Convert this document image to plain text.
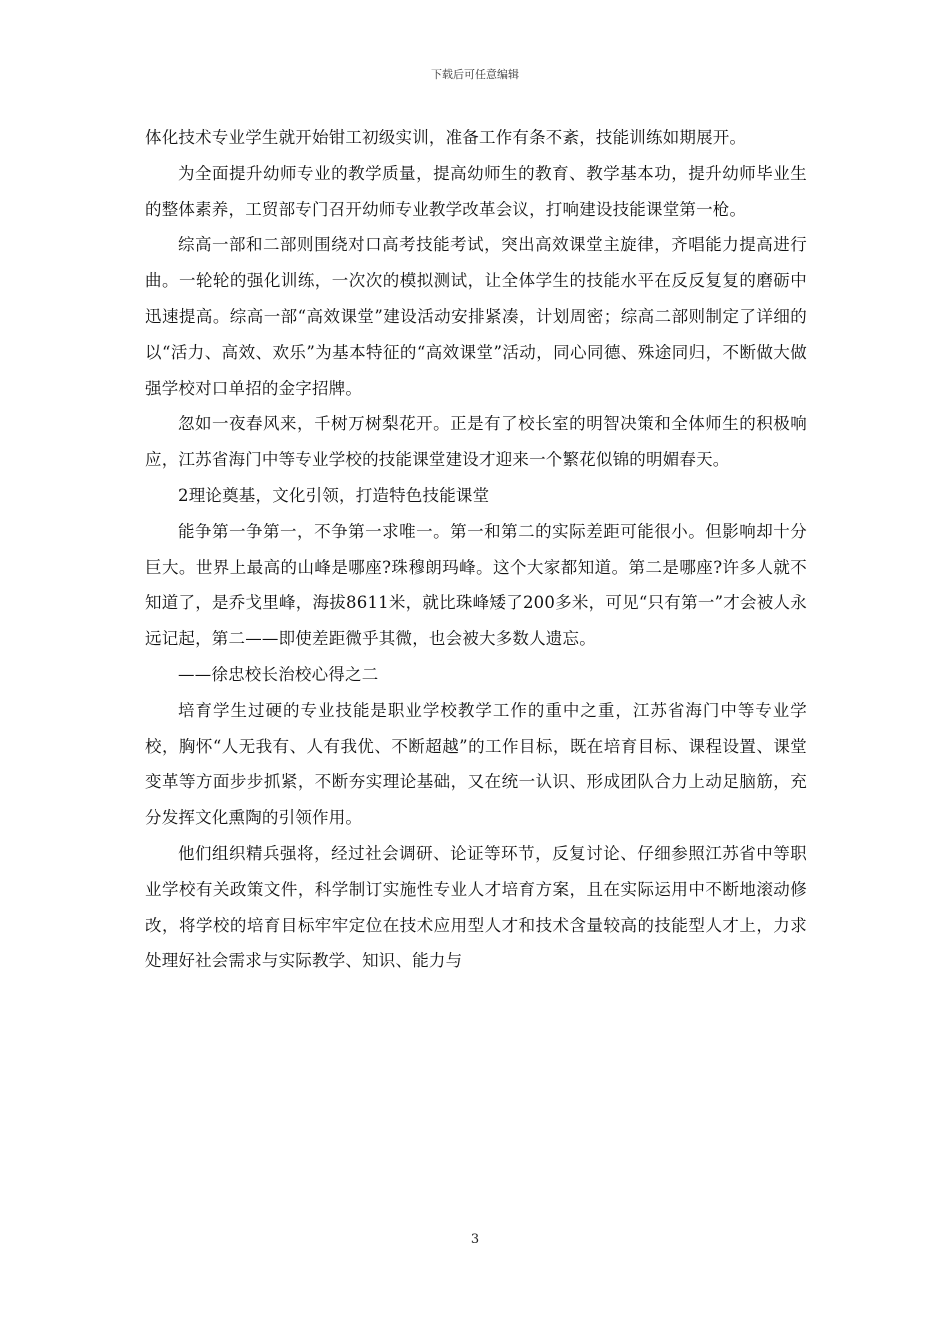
下载后可任意编辑

体化技术专业学生就开始钳工初级实训，准备工作有条不紊，技能训练如期展开。

为全面提升幼师专业的教学质量，提高幼师生的教育、教学基本功，提升幼师毕业生的整体素养，工贸部专门召开幼师专业教学改革会议，打响建设技能课堂第一枪。

综高一部和二部则围绕对口高考技能考试，突出高效课堂主旋律，齐唱能力提高进行曲。一轮轮的强化训练，一次次的模拟测试，让全体学生的技能水平在反反复复的磨砺中迅速提高。综高一部“高效课堂”建设活动安排紧凑，计划周密；综高二部则制定了详细的以“活力、高效、欢乐”为基本特征的“高效课堂”活动，同心同德、殊途同归，不断做大做强学校对口单招的金字招牌。

忽如一夜春风来，千树万树梨花开。正是有了校长室的明智决策和全体师生的积极响应，江苏省海门中等专业学校的技能课堂建设才迎来一个繁花似锦的明媚春天。

2理论奠基，文化引领，打造特色技能课堂

能争第一争第一，不争第一求唯一。第一和第二的实际差距可能很小。但影响却十分巨大。世界上最高的山峰是哪座?珠穆朗玛峰。这个大家都知道。第二是哪座?许多人就不知道了，是乔戈里峰，海拔8611米，就比珠峰矮了200多米，可见“只有第一”才会被人永远记起，第二——即使差距微乎其微，也会被大多数人遗忘。

——徐忠校长治校心得之二

培育学生过硬的专业技能是职业学校教学工作的重中之重，江苏省海门中等专业学校，胸怀“人无我有、人有我优、不断超越”的工作目标，既在培育目标、课程设置、课堂变革等方面步步抓紧，不断夯实理论基础，又在统一认识、形成团队合力上动足脑筋，充分发挥文化熏陶的引领作用。

他们组织精兵强将，经过社会调研、论证等环节，反复讨论、仔细参照江苏省中等职业学校有关政策文件，科学制订实施性专业人才培育方案，且在实际运用中不断地滚动修改，将学校的培育目标牢牢定位在技术应用型人才和技术含量较高的技能型人才上，力求处理好社会需求与实际教学、知识、能力与

3
